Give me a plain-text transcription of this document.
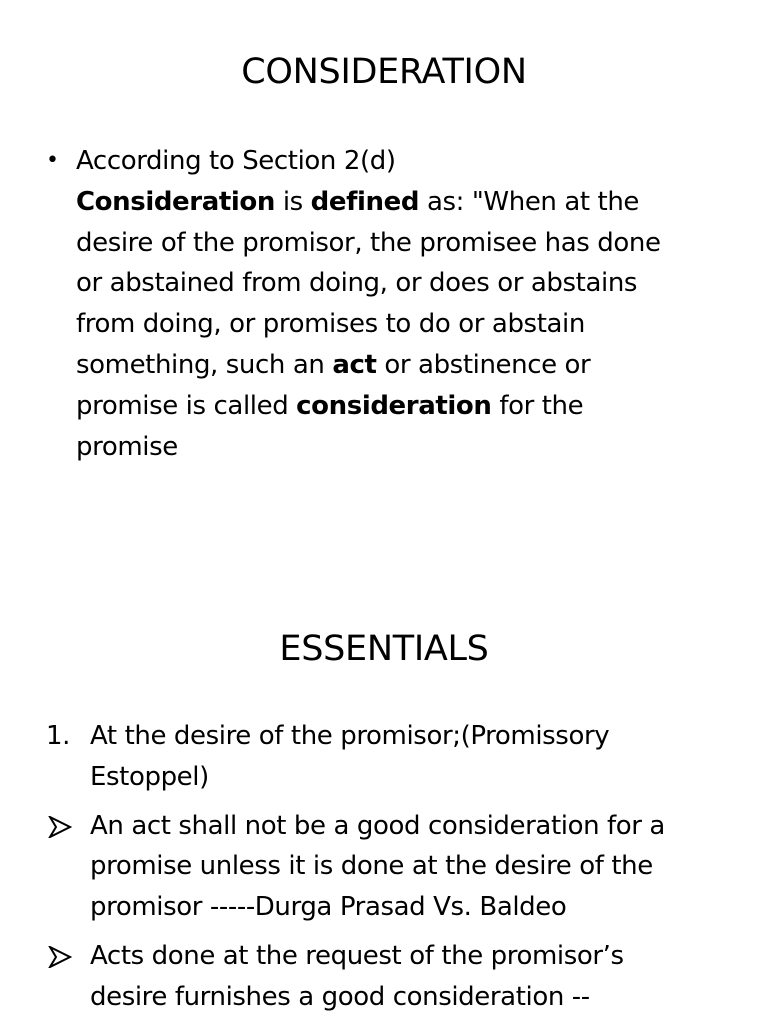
CONSIDERATION
• According to Section 2(d)
Consideration is defined as: "When at the
desire of the promisor, the promisee has done
or abstained from doing, or does or abstains
from doing, or promises to do or abstain
something, such an act or abstinence or
promise is called consideration for the
promise
ESSENTIALS
1. At the desire of the promisor;(Promissory
Estoppel)
An act shall not be a good consideration for a
promise unless it is done at the desire of the
promisor -----Durga Prasad Vs. Baldeo
Acts done at the request of the promisor’s
desire furnishes a good consideration --
